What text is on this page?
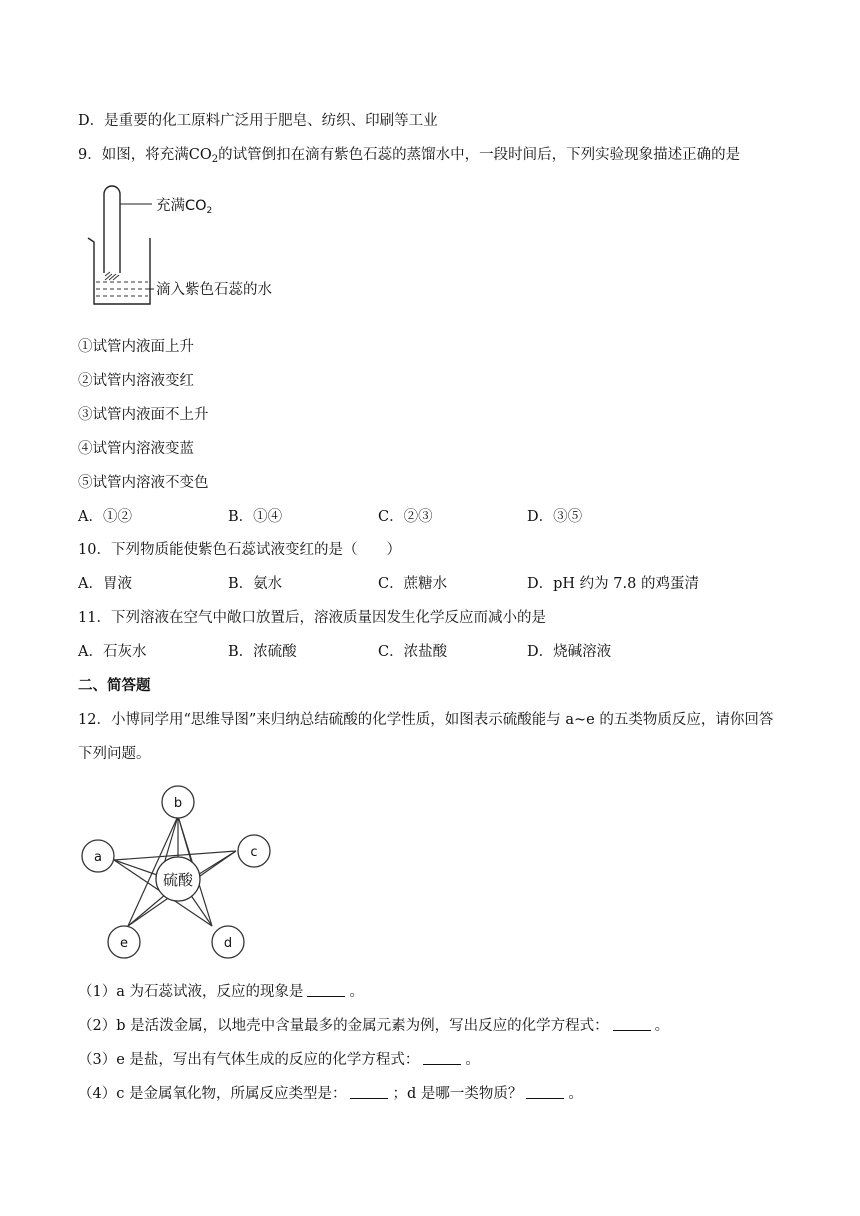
D．是重要的化工原料广泛用于肥皂、纺织、印刷等工业
9．如图，将充满$CO_2$的试管倒扣在滴有紫色石蕊的蒸馏水中，一段时间后，下列实验现象描述正确的是
充满$CO_2$
滴入紫色石蕊的水
①试管内液面上升
②试管内溶液变红
③试管内液面不上升
④试管内溶液变蓝
⑤试管内溶液不变色
A．①②	B．①④	C．②③	D．③⑤
10．下列物质能使紫色石蕊试液变红的是（　　）
A．胃液	B．氨水	C．蔗糖水	D．pH 约为 7.8 的鸡蛋清
11．下列溶液在空气中敞口放置后，溶液质量因发生化学反应而减小的是
A．石灰水	B．浓硫酸	C．浓盐酸	D．烧碱溶液
二、简答题
12．小博同学用“思维导图”来归纳总结硫酸的化学性质，如图表示硫酸能与 a~e 的五类物质反应，请你回答
下列问题。
硫酸
b
a	c
e	d
（1）a 为石蕊试液，反应的现象是	。
（2）b 是活泼金属，以地壳中含量最多的金属元素为例，写出反应的化学方程式：	。
（3）e 是盐，写出有气体生成的反应的化学方程式：	。
（4）c 是金属氧化物，所属反应类型是：	；d 是哪一类物质？	。
